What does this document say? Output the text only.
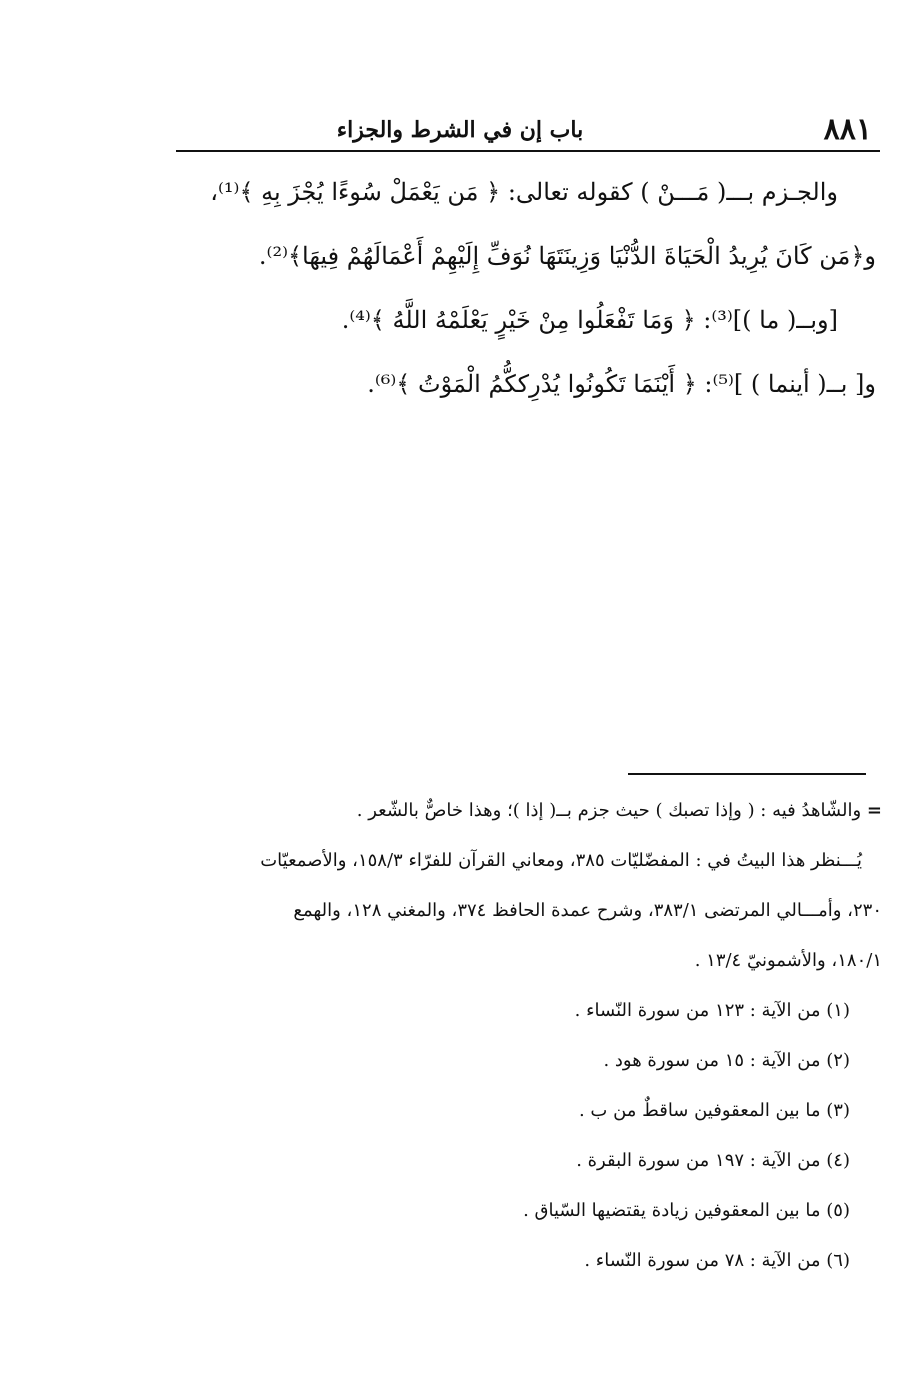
٨٨١
باب إن في الشرط والجزاء
والجـزم بـــ( مَـــنْ ) كقوله تعالى: ﴿ مَن يَعْمَلْ سُوءًا يُجْزَ بِهِ ﴾⁽¹⁾،
و﴿مَن كَانَ يُرِيدُ الْحَيَاةَ الدُّنْيَا وَزِينَتَهَا نُوَفِّ إِلَيْهِمْ أَعْمَالَهُمْ فِيهَا﴾⁽²⁾.
[وبــ( ما )]⁽³⁾: ﴿ وَمَا تَفْعَلُوا مِنْ خَيْرٍ يَعْلَمْهُ اللَّهُ ﴾⁽⁴⁾.
و[ بــ( أينما ) ]⁽⁵⁾: ﴿ أَيْنَمَا تَكُونُوا يُدْرِككُّمُ الْمَوْتُ ﴾⁽⁶⁾.
= والشّاهدُ فيه : ( وإذا تصبك ) حيث جزم بــ( إذا )؛ وهذا خاصٌّ بالشّعر .
يُـــنظر هذا البيتُ في : المفضّليّات ٣٨٥، ومعاني القرآن للفرّاء ١٥٨/٣، والأصمعيّات
٢٣٠، وأمـــالي المرتضى ٣٨٣/١، وشرح عمدة الحافظ ٣٧٤، والمغني ١٢٨، والهمع
١٨٠/١، والأشمونيّ ١٣/٤ .
(١) من الآية : ١٢٣ من سورة النّساء .
(٢) من الآية : ١٥ من سورة هود .
(٣) ما بين المعقوفين ساقطٌ من ب .
(٤) من الآية : ١٩٧ من سورة البقرة .
(٥) ما بين المعقوفين زيادة يقتضيها السّياق .
(٦) من الآية : ٧٨ من سورة النّساء .
